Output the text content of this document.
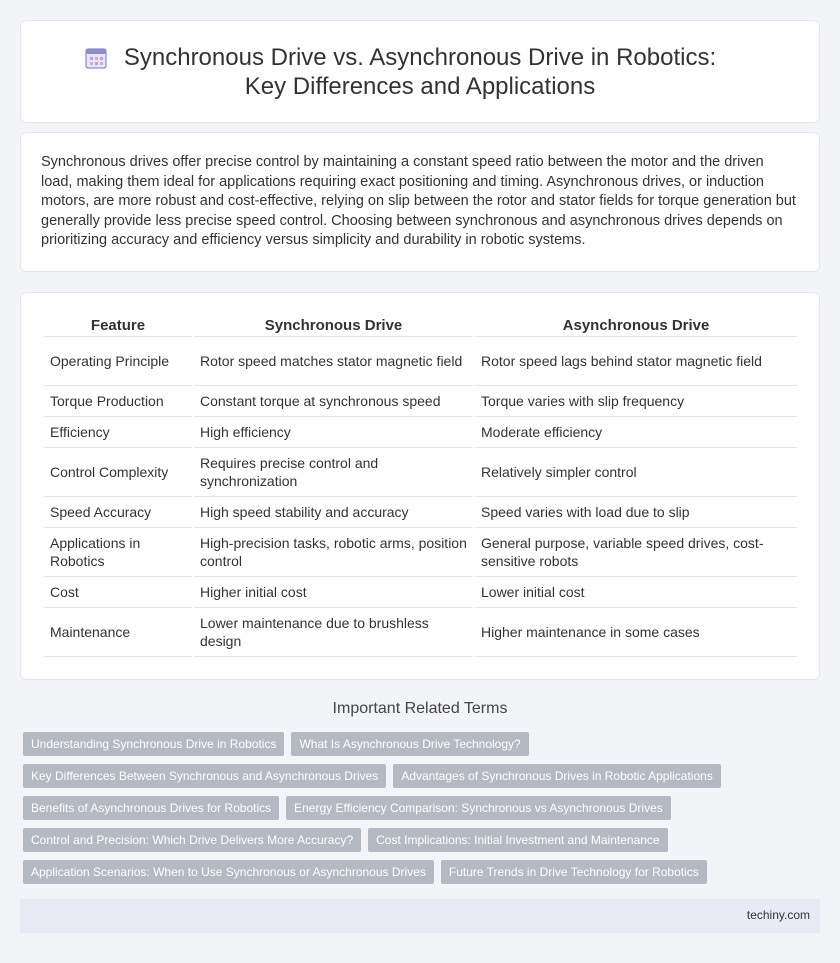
Synchronous Drive vs. Asynchronous Drive in Robotics: Key Differences and Applications

Synchronous drives offer precise control by maintaining a constant speed ratio between the motor and the driven load, making them ideal for applications requiring exact positioning and timing. Asynchronous drives, or induction motors, are more robust and cost-effective, relying on slip between the rotor and stator fields for torque generation but generally provide less precise speed control. Choosing between synchronous and asynchronous drives depends on prioritizing accuracy and efficiency versus simplicity and durability in robotic systems.

Feature	Synchronous Drive	Asynchronous Drive
Operating Principle	Rotor speed matches stator magnetic field	Rotor speed lags behind stator magnetic field
Torque Production	Constant torque at synchronous speed	Torque varies with slip frequency
Efficiency	High efficiency	Moderate efficiency
Control Complexity	Requires precise control and synchronization	Relatively simpler control
Speed Accuracy	High speed stability and accuracy	Speed varies with load due to slip
Applications in Robotics	High-precision tasks, robotic arms, position control	General purpose, variable speed drives, cost-sensitive robots
Cost	Higher initial cost	Lower initial cost
Maintenance	Lower maintenance due to brushless design	Higher maintenance in some cases
Important Related Terms
Understanding Synchronous Drive in Robotics	What Is Asynchronous Drive Technology?
Key Differences Between Synchronous and Asynchronous Drives	Advantages of Synchronous Drives in Robotic Applications
Benefits of Asynchronous Drives for Robotics	Energy Efficiency Comparison: Synchronous vs Asynchronous Drives
Control and Precision: Which Drive Delivers More Accuracy?	Cost Implications: Initial Investment and Maintenance
Application Scenarios: When to Use Synchronous or Asynchronous Drives	Future Trends in Drive Technology for Robotics
techiny.com
